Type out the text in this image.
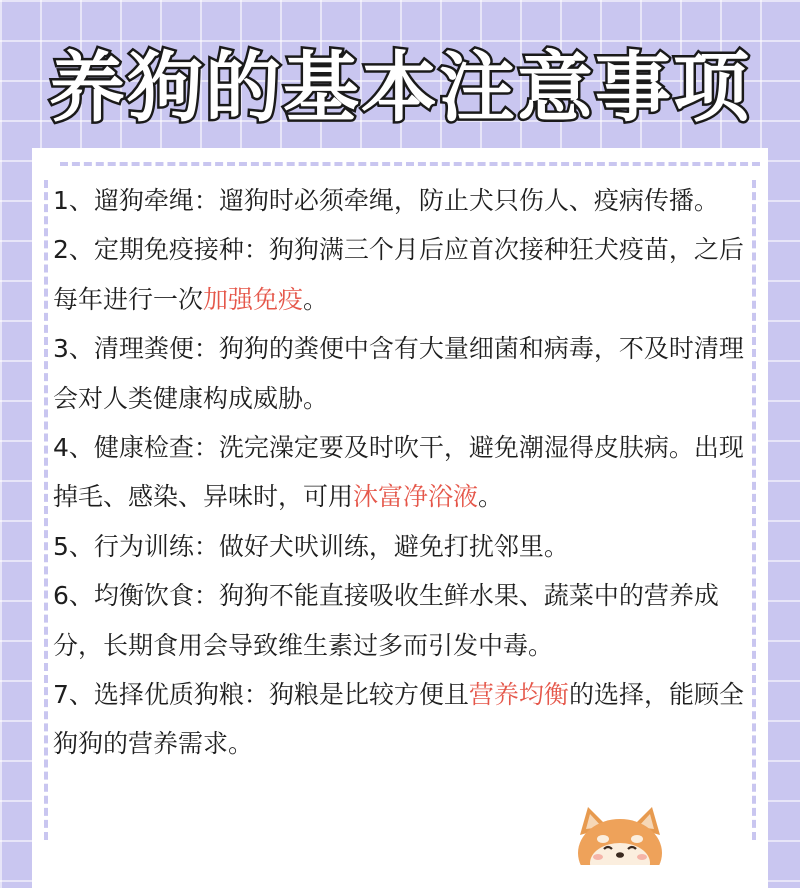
养狗的基本注意事项

1、遛狗牵绳：遛狗时必须牵绳，防止犬只伤人、疫病传播。

2、定期免疫接种：狗狗满三个月后应首次接种狂犬疫苗，之后每年进行一次加强免疫。

3、清理粪便：狗狗的粪便中含有大量细菌和病毒，不及时清理会对人类健康构成威胁。

4、健康检查：洗完澡定要及时吹干，避免潮湿得皮肤病。出现掉毛、感染、异味时，可用沐富净浴液。

5、行为训练：做好犬吠训练，避免打扰邻里。

6、均衡饮食：狗狗不能直接吸收生鲜水果、蔬菜中的营养成分，长期食用会导致维生素过多而引发中毒。

7、选择优质狗粮：狗粮是比较方便且营养均衡的选择，能顾全狗狗的营养需求。
